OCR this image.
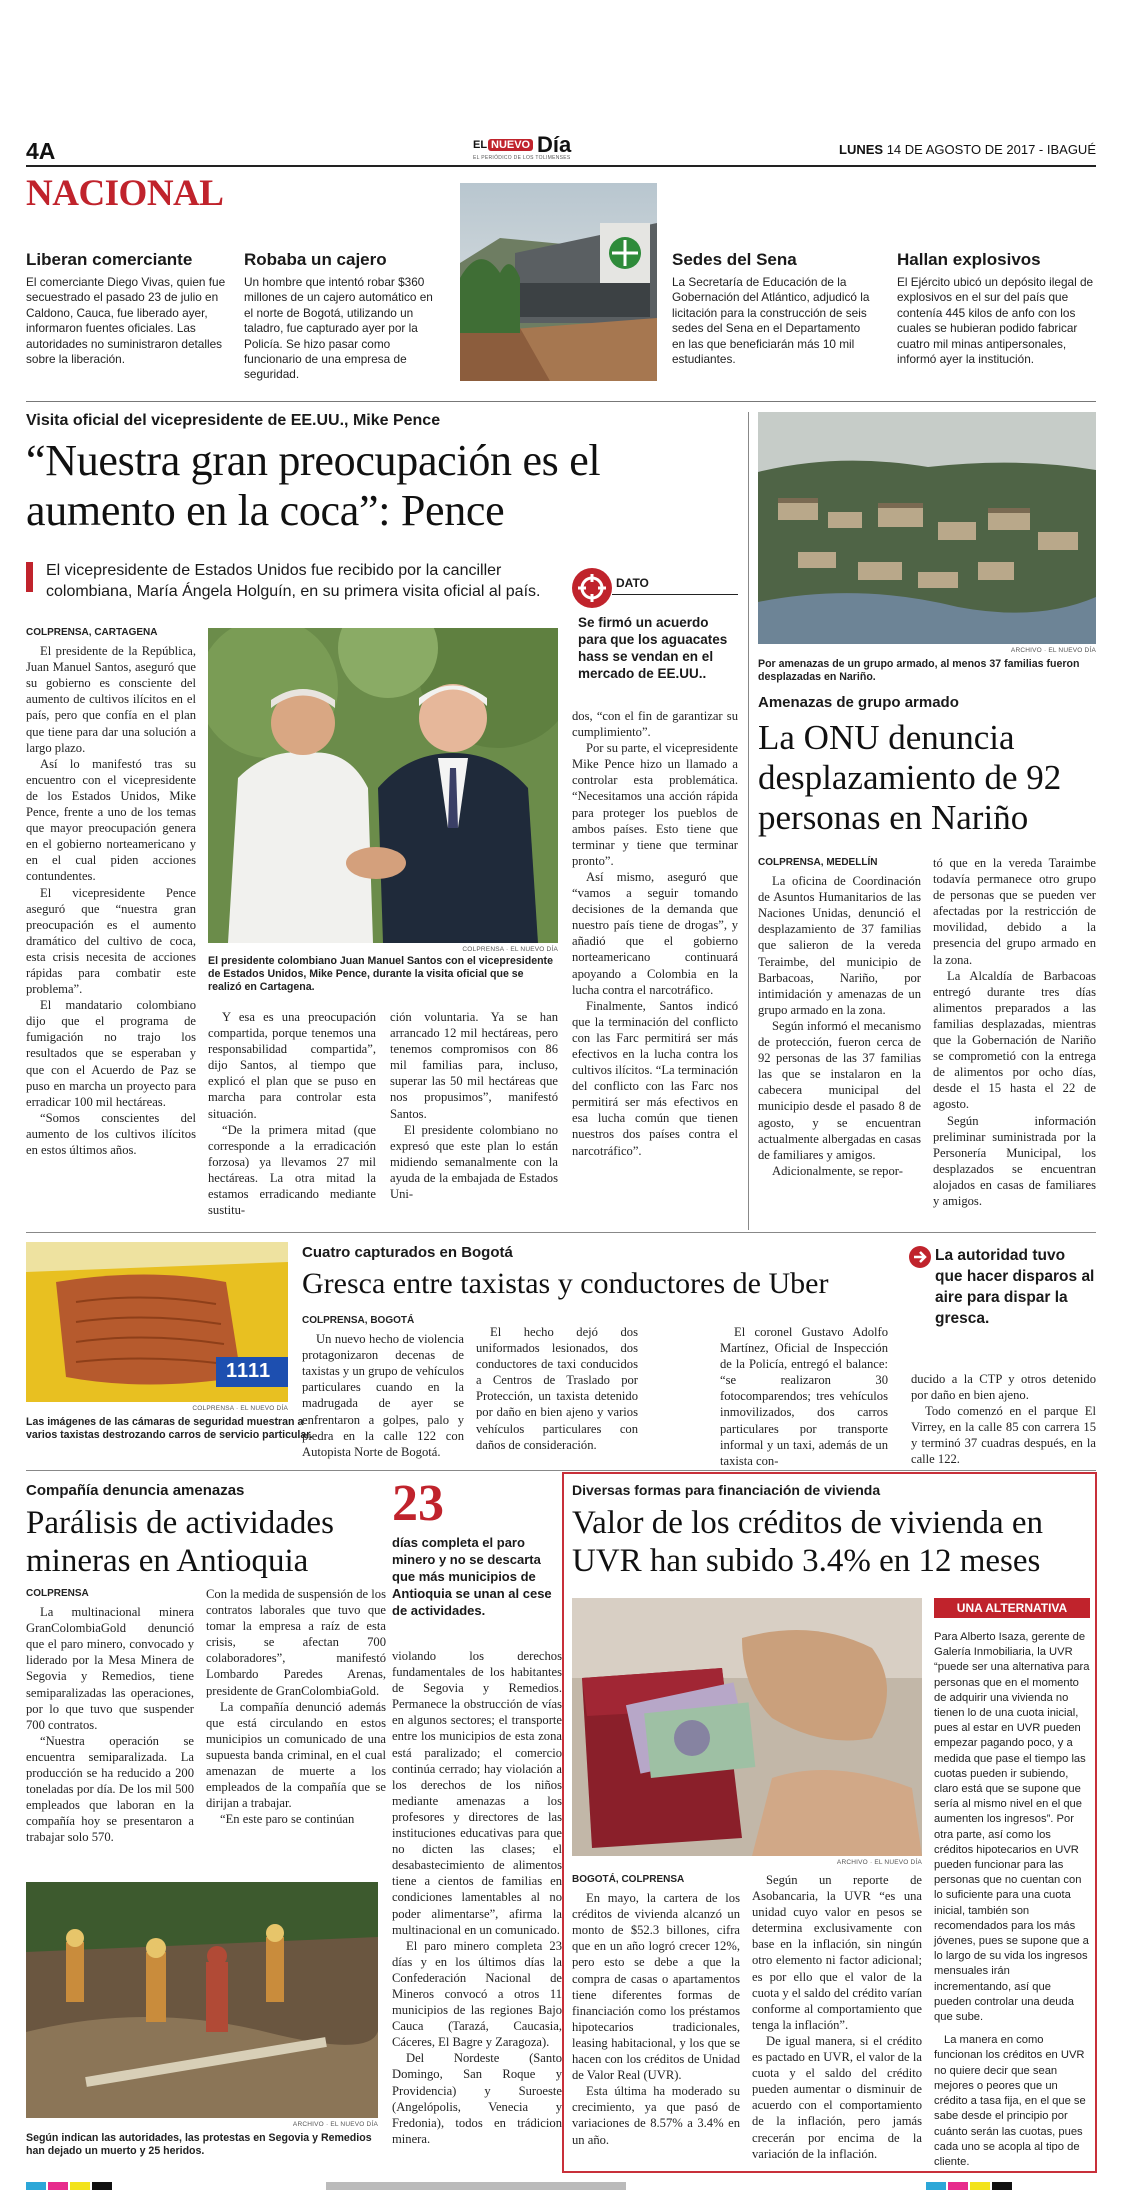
4A	EL NUEVO Día
EL PERIÓDICO DE LOS TOLIMENSES
LUNES 14 DE AGOSTO DE 2017 - IBAGUÉ
NACIONAL
Liberan comerciante
El comerciante Diego Vivas, quien fue secuestrado el pasado 23 de julio en Caldono, Cauca, fue liberado ayer, informaron fuentes oficiales. Las autoridades no suministraron detalles sobre la liberación.
Robaba un cajero
Un hombre que intentó robar $360 millones de un cajero automático en el norte de Bogotá, utilizando un taladro, fue capturado ayer por la Policía. Se hizo pasar como funcionario de una empresa de seguridad.
Sedes del Sena
La Secretaría de Educación de la Gobernación del Atlántico, adjudicó la licitación para la construcción de seis sedes del Sena en el Departamento en las que beneficiarán más 10 mil estudiantes.
Hallan explosivos
El Ejército ubicó un depósito ilegal de explosivos en el sur del país que contenía 445 kilos de anfo con los cuales se hubieran podido fabricar cuatro mil minas antipersonales, informó ayer la institución.
Visita oficial del vicepresidente de EE.UU., Mike Pence
“Nuestra gran preocupación es el aumento en la coca”: Pence
El vicepresidente de Estados Unidos fue recibido por la canciller colombiana, María Ángela Holguín, en su primera visita oficial al país.	DATO
Se firmó un acuerdo para que los aguacates hass se vendan en el mercado de EE.UU..
COLPRENSA, CARTAGENA
El presidente de la República, Juan Manuel Santos, aseguró que su gobierno es consciente del aumento de cultivos ilícitos en el país, pero que confía en el plan que tiene para dar una solución a largo plazo.
Así lo manifestó tras su encuentro con el vicepresidente de los Estados Unidos, Mike Pence, frente a uno de los temas que mayor preocupación genera en el gobierno norteamericano y en el cual piden acciones contundentes.
El vicepresidente Pence aseguró que “nuestra gran preocupación es el aumento dramático del cultivo de coca, esta crisis necesita de acciones rápidas para combatir este problema”.
El mandatario colombiano dijo que el programa de fumigación no trajo los resultados que se esperaban y que con el Acuerdo de Paz se puso en marcha un proyecto para erradicar 100 mil hectáreas.
“Somos conscientes del aumento de los cultivos ilícitos en estos últimos años.
COLPRENSA · EL NUEVO DÍA
El presidente colombiano Juan Manuel Santos con el vicepresidente de Estados Unidos, Mike Pence, durante la visita oficial que se realizó en Cartagena.
Y esa es una preocupación compartida, porque tenemos una responsabilidad compartida”, dijo Santos, al tiempo que explicó el plan que se puso en marcha para controlar esta situación.
“De la primera mitad (que corresponde a la erradicación forzosa) ya llevamos 27 mil hectáreas. La otra mitad la estamos erradicando mediante sustitu-
ción voluntaria. Ya se han arrancado 12 mil hectáreas, pero tenemos compromisos con 86 mil familias para, incluso, superar las 50 mil hectáreas que nos propusimos”, manifestó Santos.
El presidente colombiano no expresó que este plan lo están midiendo semanalmente con la ayuda de la embajada de Estados Uni-
dos, “con el fin de garantizar su cumplimiento”.
Por su parte, el vicepresidente Mike Pence hizo un llamado a controlar esta problemática. “Necesitamos una acción rápida para proteger los pueblos de ambos países. Esto tiene que terminar y tiene que terminar pronto”.
Así mismo, aseguró que “vamos a seguir tomando decisiones de la demanda que nuestro país tiene de drogas”, y añadió que el gobierno norteamericano continuará apoyando a Colombia en la lucha contra el narcotráfico.
Finalmente, Santos indicó que la terminación del conflicto con las Farc permitirá ser más efectivos en la lucha contra los cultivos ilícitos. “La terminación del conflicto con las Farc nos permitirá ser más efectivos en esa lucha común que tienen nuestros dos países contra el narcotráfico”.
ARCHIVO · EL NUEVO DÍA
Por amenazas de un grupo armado, al menos 37 familias fueron desplazadas en Nariño.
Amenazas de grupo armado
La ONU denuncia desplazamiento de 92 personas en Nariño
COLPRENSA, MEDELLÍN
La oficina de Coordinación de Asuntos Humanitarios de las Naciones Unidas, denunció el desplazamiento de 37 familias que salieron de la vereda Teraimbe, del municipio de Barbacoas, Nariño, por intimidación y amenazas de un grupo armado en la zona.
Según informó el mecanismo de protección, fueron cerca de 92 personas de las 37 familias las que se instalaron en la cabecera municipal del municipio desde el pasado 8 de agosto, y se encuentran actualmente albergadas en casas de familiares y amigos.
Adicionalmente, se repor-
tó que en la vereda Taraimbe todavía permanece otro grupo de personas que se pueden ver afectadas por la restricción de movilidad, debido a la presencia del grupo armado en la zona.
La Alcaldía de Barbacoas entregó durante tres días alimentos preparados a las familias desplazadas, mientras que la Gobernación de Nariño se comprometió con la entrega de alimentos por ocho días, desde el 15 hasta el 22 de agosto.
Según información preliminar suministrada por la Personería Municipal, los desplazados se encuentran alojados en casas de familiares y amigos.
1111
COLPRENSA · EL NUEVO DÍA
Las imágenes de las cámaras de seguridad muestran a varios taxistas destrozando carros de servicio particular.
Cuatro capturados en Bogotá
Gresca entre taxistas y conductores de Uber
COLPRENSA, BOGOTÁ
Un nuevo hecho de violencia protagonizaron decenas de taxistas y un grupo de vehículos particulares cuando en la madrugada de ayer se enfrentaron a golpes, palo y piedra en la calle 122 con Autopista Norte de Bogotá.
El hecho dejó dos uniformados lesionados, dos conductores de taxi conducidos a Centros de Traslado por Protección, un taxista detenido por daño en bien ajeno y varios vehículos particulares con daños de consideración.
El coronel Gustavo Adolfo Martínez, Oficial de Inspección de la Policía, entregó el balance: “se realizaron 30 fotocomparendos; tres vehículos inmovilizados, dos carros particulares por transporte informal y un taxi, además de un taxista con-
ducido a la CTP y otros detenido por daño en bien ajeno.
Todo comenzó en el parque El Virrey, en la calle 85 con carrera 15 y terminó 37 cuadras después, en la calle 122.
La autoridad tuvo que hacer disparos al aire para dispar la gresca.
Compañía denuncia amenazas
Parálisis de actividades mineras en Antioquia
COLPRENSA
La multinacional minera GranColombiaGold denunció que el paro minero, convocado y liderado por la Mesa Minera de Segovia y Remedios, tiene semiparalizadas las operaciones, por lo que tuvo que suspender 700 contratos.
“Nuestra operación se encuentra semiparalizada. La producción se ha reducido a 200 toneladas por día. De los mil 500 empleados que laboran en la compañía hoy se presentaron a trabajar solo 570.
Con la medida de suspensión de los contratos laborales que tuvo que tomar la empresa a raíz de esta crisis, se afectan 700 colaboradores”, manifestó Lombardo Paredes Arenas, presidente de GranColombiaGold.
La compañía denunció además que está circulando en estos municipios un comunicado de una supuesta banda criminal, en el cual amenazan de muerte a los empleados de la compañía que se dirijan a trabajar.
“En este paro se continúan
23
días completa el paro minero y no se descarta que más municipios de Antioquia se unan al cese de actividades.
violando los derechos fundamentales de los habitantes de Segovia y Remedios. Permanece la obstrucción de vías en algunos sectores; el transporte entre los municipios de esta zona está paralizado; el comercio continúa cerrado; hay violación a los derechos de los niños mediante amenazas a los profesores y directores de las instituciones educativas para que no dicten las clases; el desabastecimiento de alimentos tiene a cientos de familias en condiciones lamentables al no poder alimentarse”, afirma la multinacional en un comunicado.
El paro minero completa 23 días y en los últimos días la Confederación Nacional de Mineros convocó a otros 11 municipios de las regiones Bajo Cauca (Tarazá, Caucasia, Cáceres, El Bagre y Zaragoza).
Del Nordeste (Santo Domingo, San Roque y Providencia) y Suroeste (Angelópolis, Venecia y Fredonia), todos en trádicion minera.
ARCHIVO · EL NUEVO DÍA
Según indican las autoridades, las protestas en Segovia y Remedios han dejado un muerto y 25 heridos.
Diversas formas para financiación de vivienda
Valor de los créditos de vivienda en UVR han subido 3.4% en 12 meses
ARCHIVO · EL NUEVO DÍA
BOGOTÁ, COLPRENSA
En mayo, la cartera de los créditos de vivienda alcanzó un monto de $52.3 billones, cifra que en un año logró crecer 12%, pero esto se debe a que la compra de casas o apartamentos tiene diferentes formas de financiación como los préstamos hipotecarios tradicionales, leasing habitacional, y los que se hacen con los créditos de Unidad de Valor Real (UVR).
Esta última ha moderado su crecimiento, ya que pasó de variaciones de 8.57% a 3.4% en un año.
Según un reporte de Asobancaria, la UVR “es una unidad cuyo valor en pesos se determina exclusivamente con base en la inflación, sin ningún otro elemento ni factor adicional; es por ello que el valor de la cuota y el saldo del crédito varían conforme al comportamiento que tenga la inflación”.
De igual manera, si el crédito es pactado en UVR, el valor de la cuota y el saldo del crédito pueden aumentar o disminuir de acuerdo con el comportamiento de la inflación, pero jamás crecerán por encima de la variación de la inflación.
UNA ALTERNATIVA
Para Alberto Isaza, gerente de Galería Inmobiliaria, la UVR “puede ser una alternativa para personas que en el momento de adquirir una vivienda no tienen lo de una cuota inicial, pues al estar en UVR pueden empezar pagando poco, y a medida que pase el tiempo las cuotas pueden ir subiendo, claro está que se supone que sería al mismo nivel en el que aumenten los ingresos”. Por otra parte, así como los créditos hipotecarios en UVR pueden funcionar para las personas que no cuentan con lo suficiente para una cuota inicial, también son recomendados para los más jóvenes, pues se supone que a lo largo de su vida los ingresos mensuales irán incrementando, así que pueden controlar una deuda que sube.
La manera en como funcionan los créditos en UVR no quiere decir que sean mejores o peores que un crédito a tasa fija, en el que se sabe desde el principio por cuánto serán las cuotas, pues cada uno se acopla al tipo de cliente.
